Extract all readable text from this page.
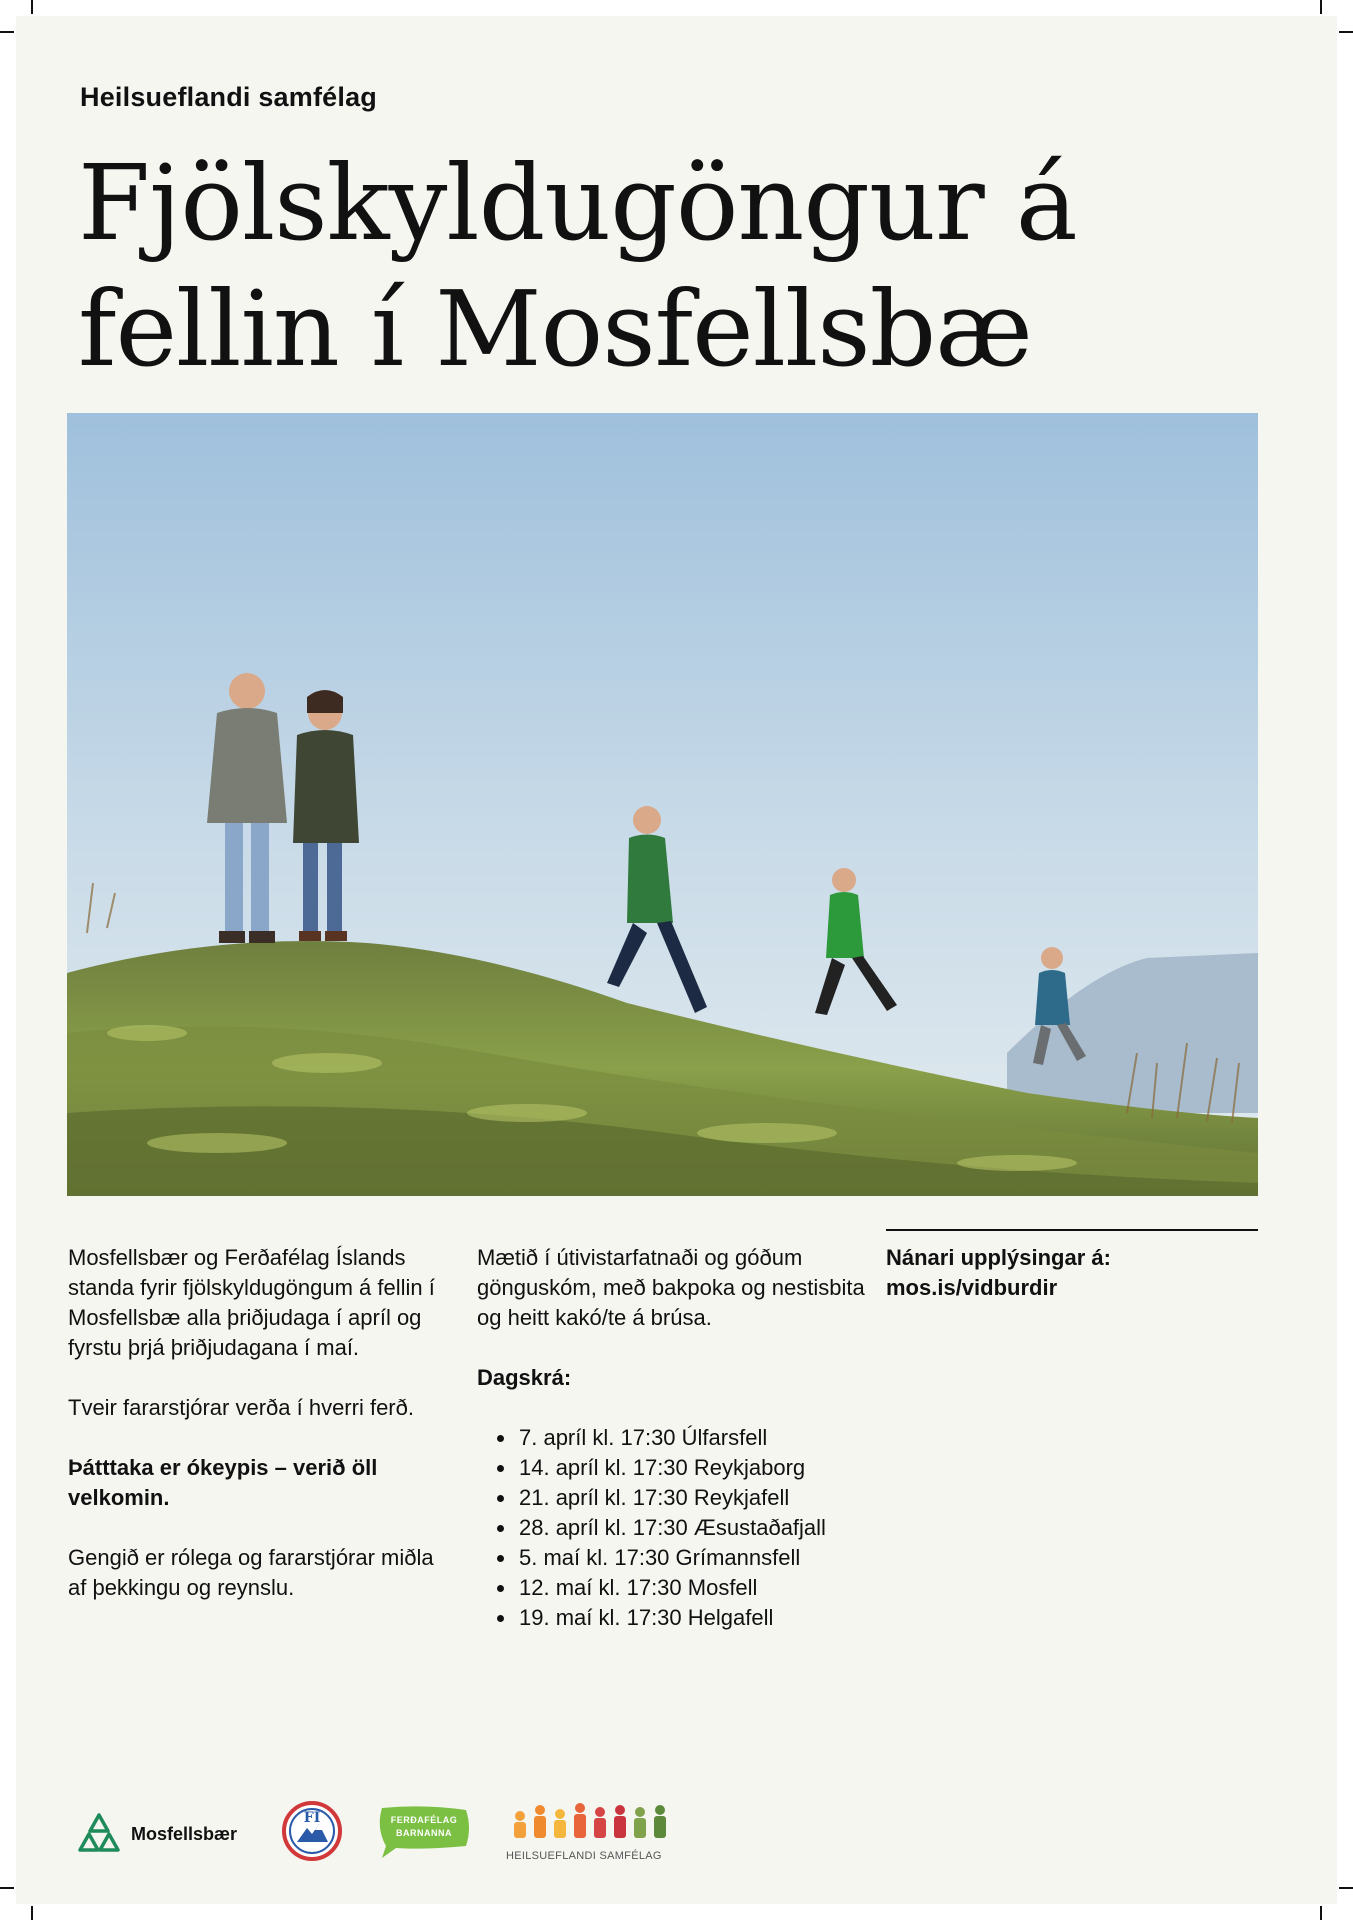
Heilsueflandi samfélag
Fjölskyldugöngur á
fellin í Mosfellsbæ

Mosfellsbær og Ferðafélag Íslands standa fyrir fjölskyldugöngum á fellin í Mosfellsbæ alla þriðjudaga í apríl og fyrstu þrjá þriðjudagana í maí.

Tveir fararstjórar verða í hverri ferð.

Þátttaka er ókeypis – verið öll velkomin.

Gengið er rólega og fararstjórar miðla af þekkingu og reynslu.

Mætið í útivistarfatnaði og góðum gönguskóm, með bakpoka og nestisbita og heitt kakó/te á brúsa.

Dagskrá:

• 7. apríl kl. 17:30 Úlfarsfell
• 14. apríl kl. 17:30 Reykjaborg
• 21. apríl kl. 17:30 Reykjafell
• 28. apríl kl. 17:30 Æsustaðafjall
• 5. maí kl. 17:30 Grímannsfell
• 12. maí kl. 17:30 Mosfell
• 19. maí kl. 17:30 Helgafell
Nánari upplýsingar á:
mos.is/vidburdir
Mosfellsbær
FÍ	FERÐAFÉLAG
BARNANNA
HEILSUEFLANDI SAMFÉLAG
